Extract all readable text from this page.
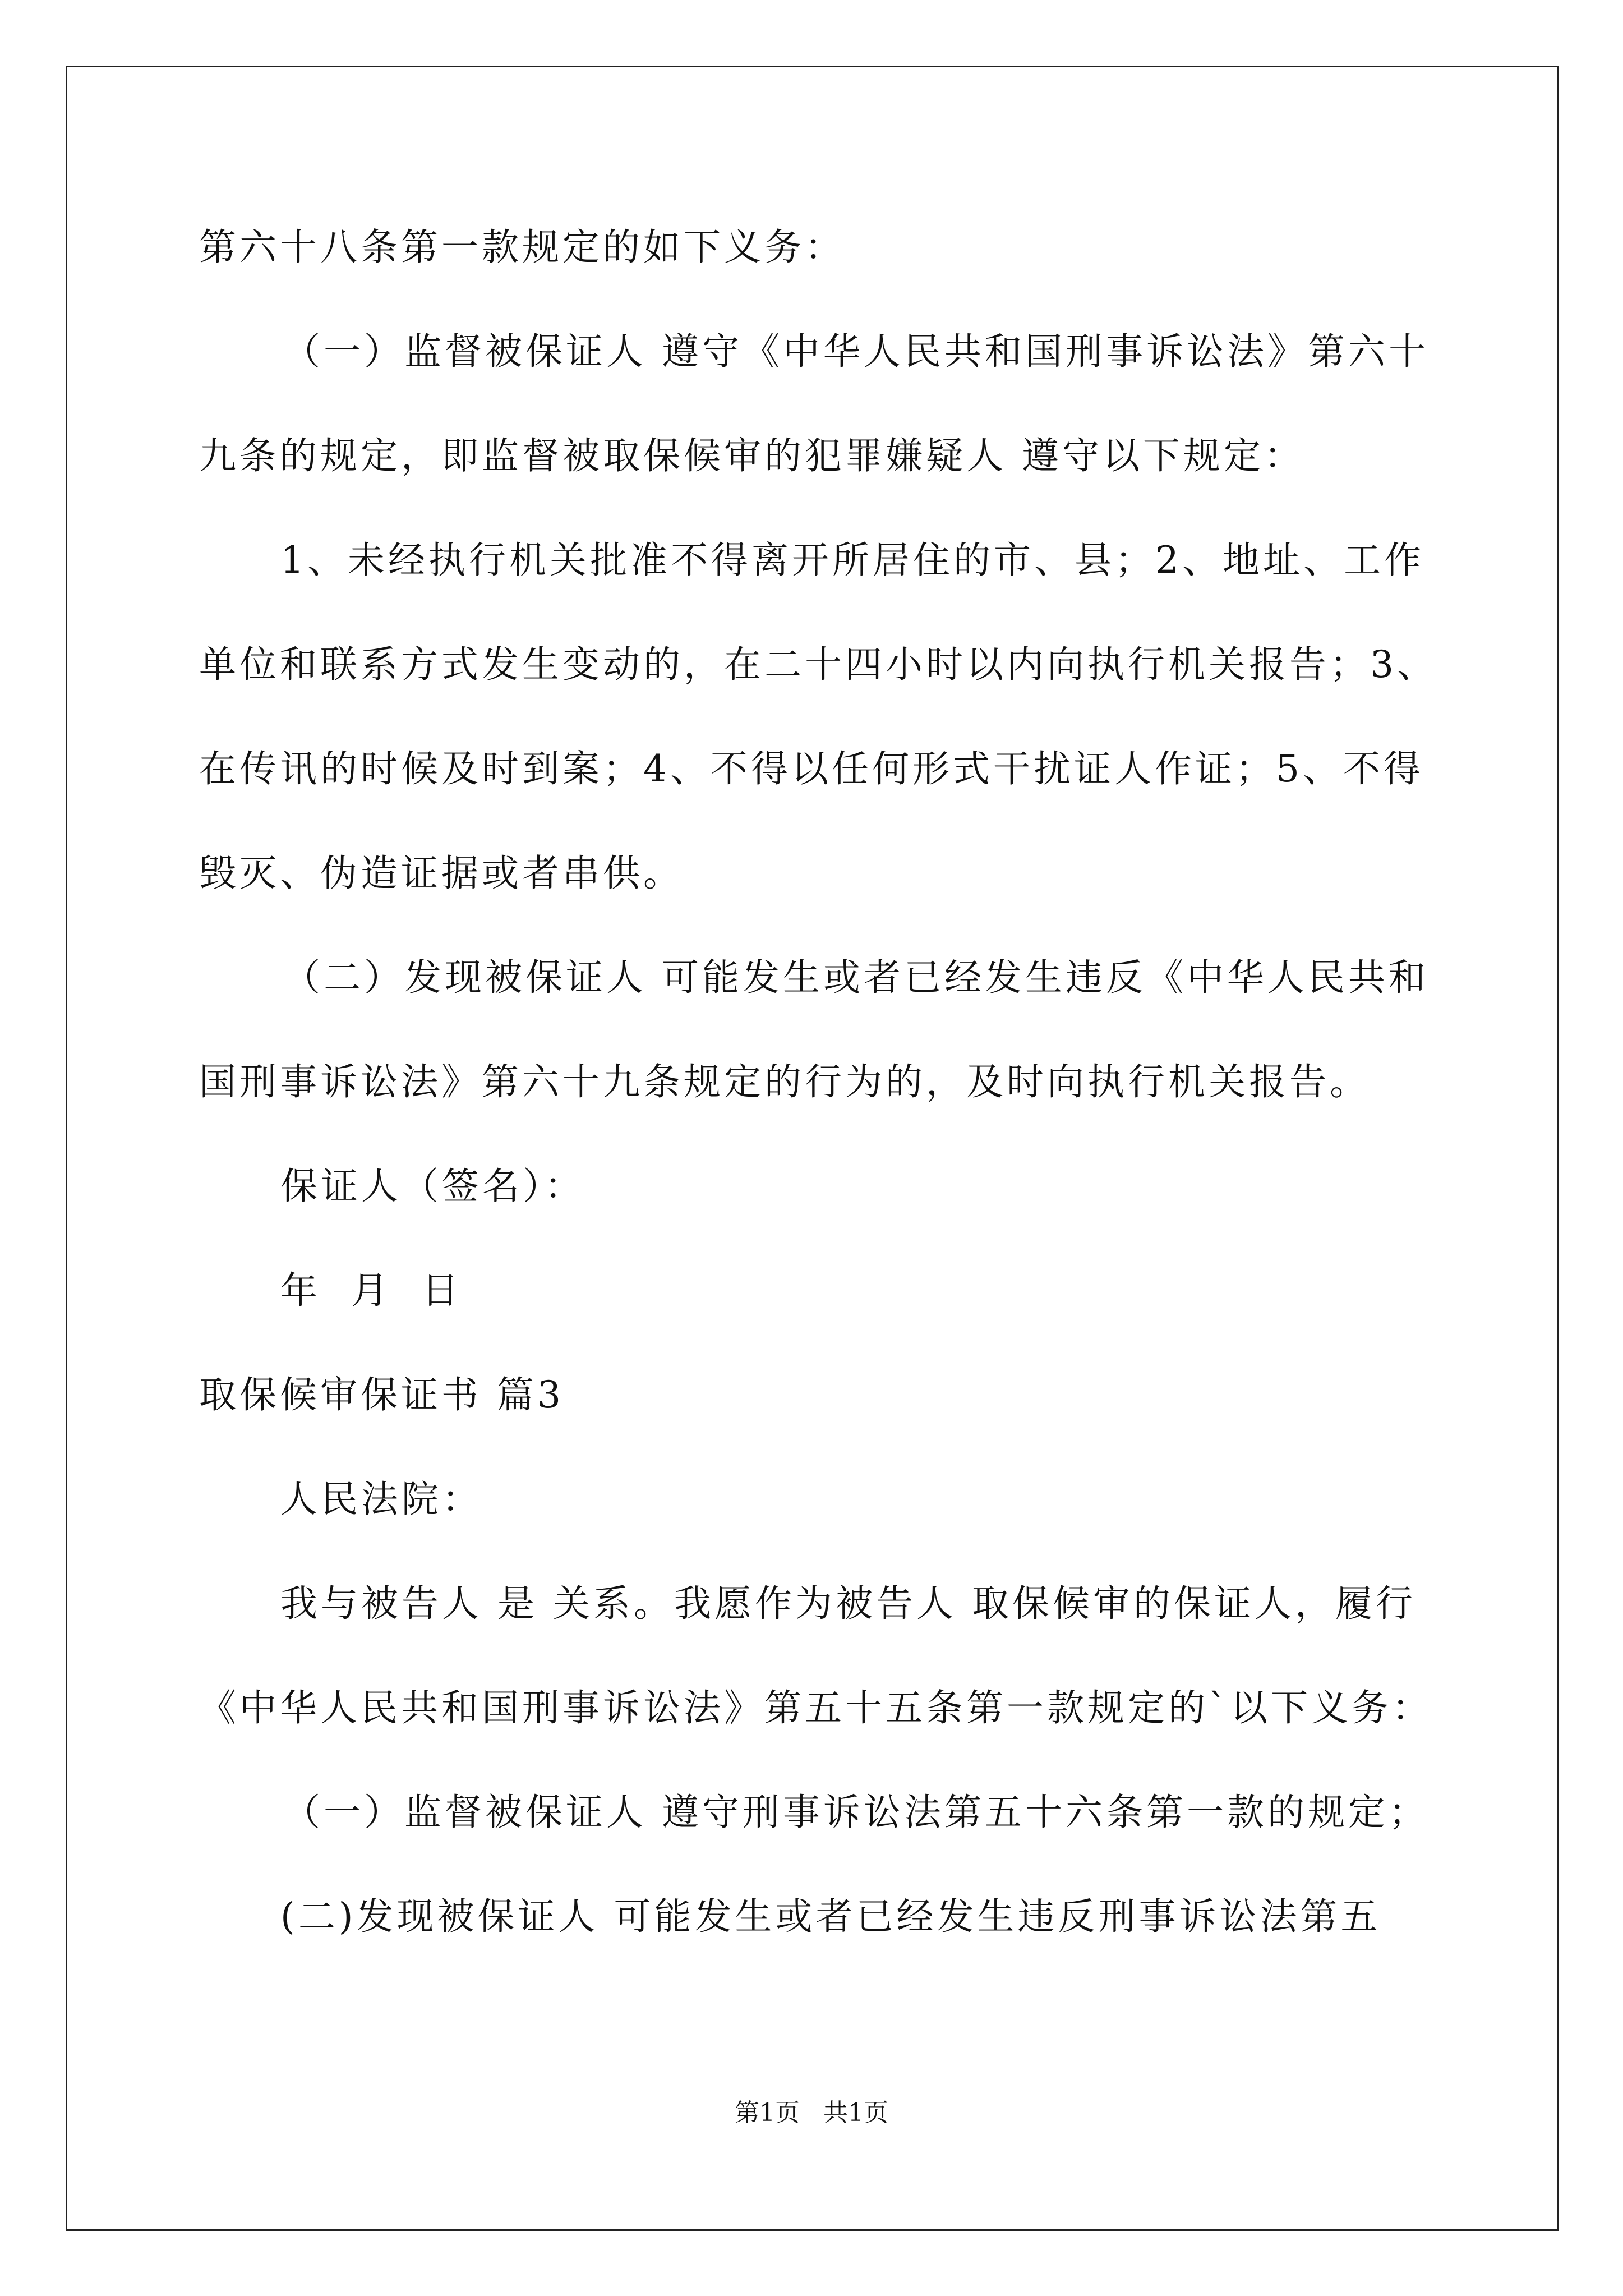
第六十八条第一款规定的如下义务：
（一）监督被保证人 遵守《中华人民共和国刑事诉讼法》第六十
九条的规定，即监督被取保候审的犯罪嫌疑人 遵守以下规定：
1、未经执行机关批准不得离开所居住的市、县；2、地址、工作
单位和联系方式发生变动的，在二十四小时以内向执行机关报告；3、
在传讯的时候及时到案；4、不得以任何形式干扰证人作证；5、不得
毁灭、伪造证据或者串供。
（二）发现被保证人 可能发生或者已经发生违反《中华人民共和
国刑事诉讼法》第六十九条规定的行为的，及时向执行机关报告。
保证人（签名）：
年  月  日
取保候审保证书 篇3
人民法院：
我与被告人 是 关系。我愿作为被告人 取保候审的保证人，履行
《中华人民共和国刑事诉讼法》第五十五条第一款规定的`以下义务：
（一）监督被保证人 遵守刑事诉讼法第五十六条第一款的规定；
(二)发现被保证人 可能发生或者已经发生违反刑事诉讼法第五
第1页   共1页
